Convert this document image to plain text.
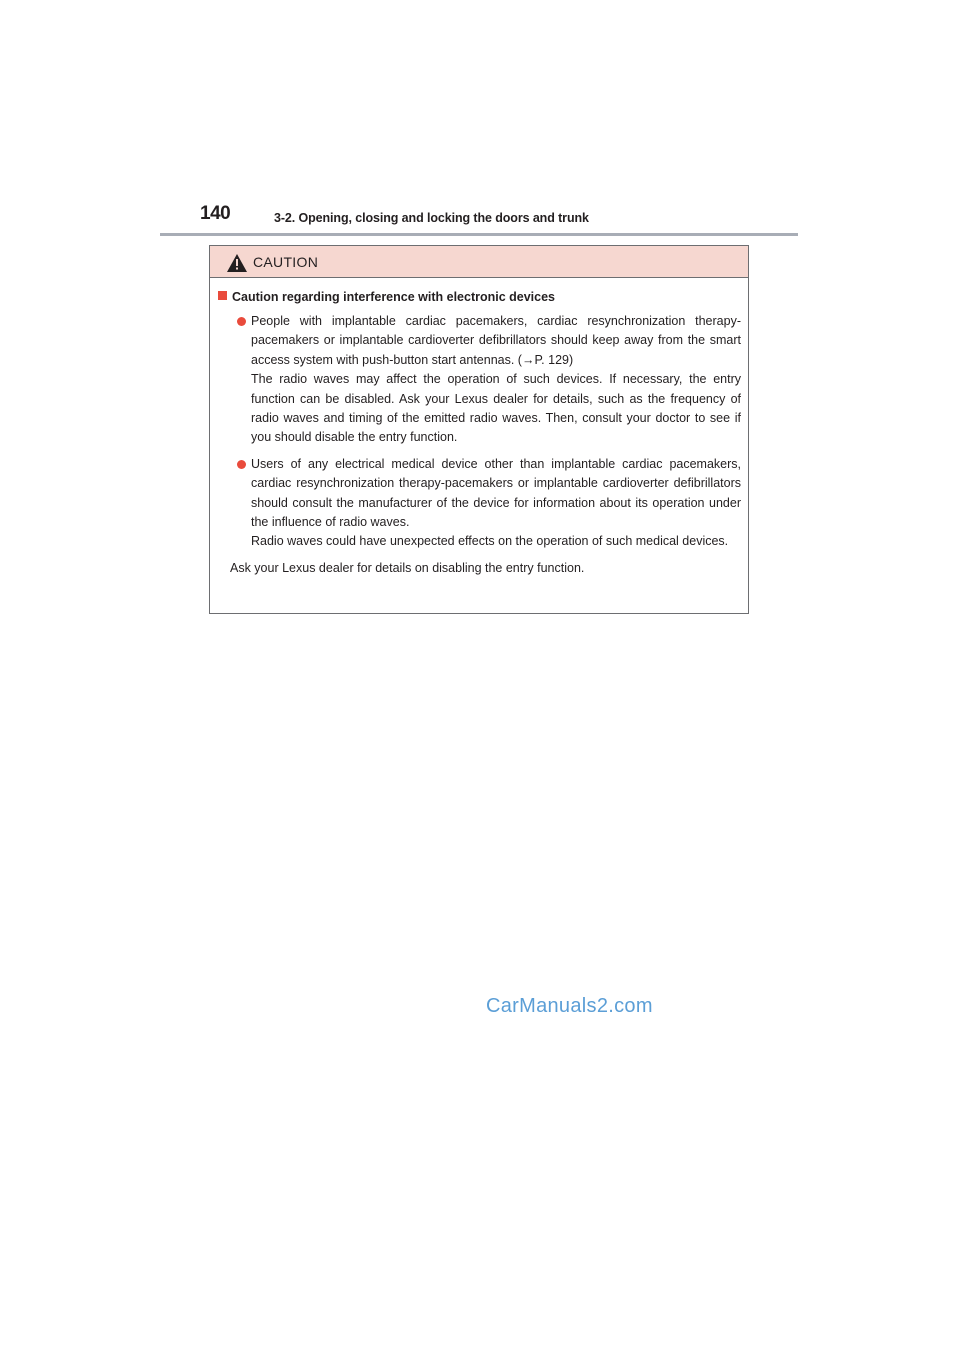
140	3-2. Opening, closing and locking the doors and trunk
CAUTION
Caution regarding interference with electronic devices

People with implantable cardiac pacemakers, cardiac resynchronization therapy-pacemakers or implantable cardioverter defibrillators should keep away from the smart access system with push-button start antennas. (→P. 129)

The radio waves may affect the operation of such devices. If necessary, the entry function can be disabled. Ask your Lexus dealer for details, such as the frequency of radio waves and timing of the emitted radio waves. Then, consult your doctor to see if you should disable the entry function.

Users of any electrical medical device other than implantable cardiac pacemakers, cardiac resynchronization therapy-pacemakers or implantable cardioverter defibrillators should consult the manufacturer of the device for information about its operation under the influence of radio waves.

Radio waves could have unexpected effects on the operation of such medical devices.

Ask your Lexus dealer for details on disabling the entry function.
CarManuals2.com
